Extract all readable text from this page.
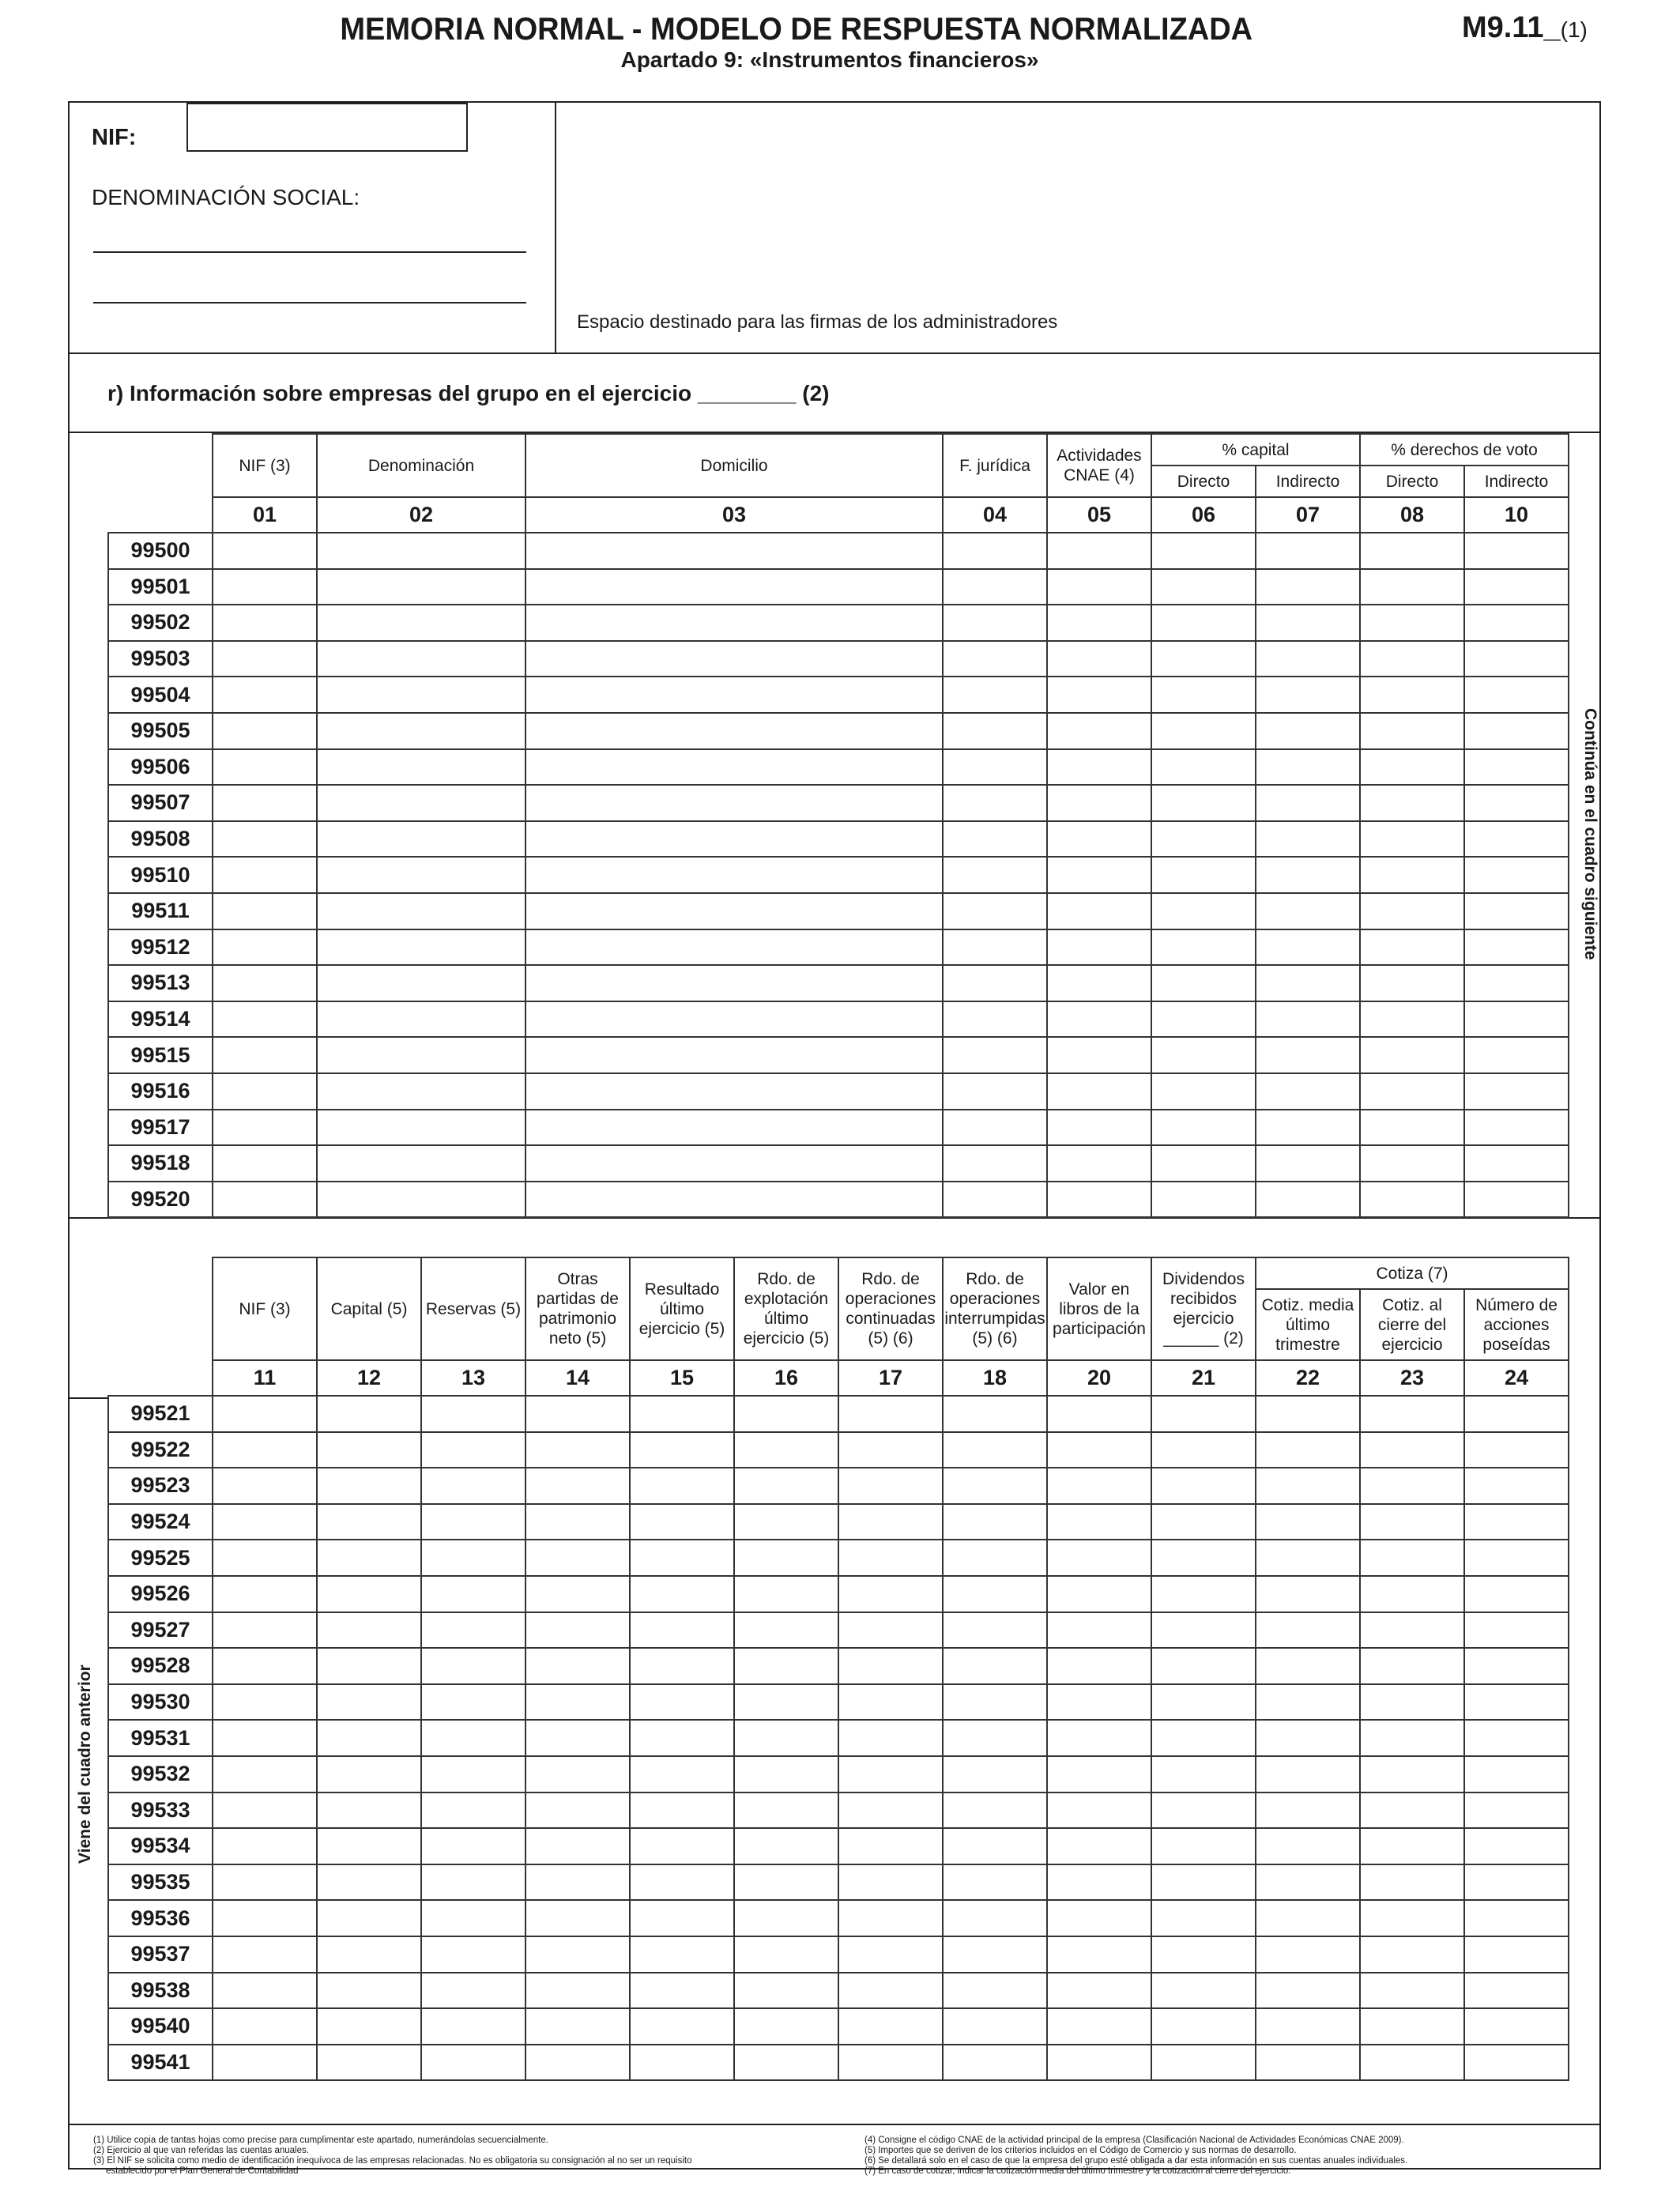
MEMORIA NORMAL - MODELO DE RESPUESTA NORMALIZADA
Apartado 9: «Instrumentos financieros»
M9.11_(1)
NIF:
DENOMINACIÓN SOCIAL:
Espacio destinado para las firmas de los administradores
r) Información sobre empresas del grupo en el ejercicio ________ (2)
	NIF (3)	Denominación	Domicilio	F. jurídica	Actividades CNAE (4)	% capital		% derechos de voto	
						Directo	Indirecto	Directo	Indirecto
	01	02	03	04	05	06	07	08	10
99500									
99501									
99502									
99503									
99504									
99505									
99506									
99507									
99508									
99510									
99511									
99512									
99513									
99514									
99515									
99516									
99517									
99518									
99520									
Continúa en el cuadro siguiente
	NIF (3)	Capital (5)	Reservas (5)	Otras partidas de patrimonio neto (5)	Resultado último ejercicio (5)	Rdo. de explotación último ejercicio (5)	Rdo. de operaciones continuadas (5) (6)	Rdo. de operaciones interrumpidas (5) (6)	Valor en libros de la participación	Dividendos recibidos ejercicio ______ (2)	Cotiza (7)		
											Cotiz. media último trimestre	Cotiz. al cierre del ejercicio	Número de acciones poseídas
	11	12	13	14	15	16	17	18	20	21	22	23	24
99521													
99522													
99523													
99524													
99525													
99526													
99527													
99528													
99530													
99531													
99532													
99533													
99534													
99535													
99536													
99537													
99538													
99540													
99541													
Viene del cuadro anterior
(1) Utilice copia de tantas hojas como precise para cumplimentar este apartado, numerándolas secuencialmente.
(2) Ejercicio al que van referidas las cuentas anuales.
(3) El NIF se solicita como medio de identificación inequívoca de las empresas relacionadas. No es obligatoria su consignación al no ser un requisito
establecido por el Plan General de Contabilidad
(4) Consigne el código CNAE de la actividad principal de la empresa (Clasificación Nacional de Actividades Económicas CNAE 2009).
(5) Importes que se deriven de los criterios incluidos en el Código de Comercio y sus normas de desarrollo.
(6) Se detallará solo en el caso de que la empresa del grupo esté obligada a dar esta información en sus cuentas anuales individuales.
(7) En caso de cotizar, indicar la cotización media del último trimestre y la cotización al cierre del ejercicio.
